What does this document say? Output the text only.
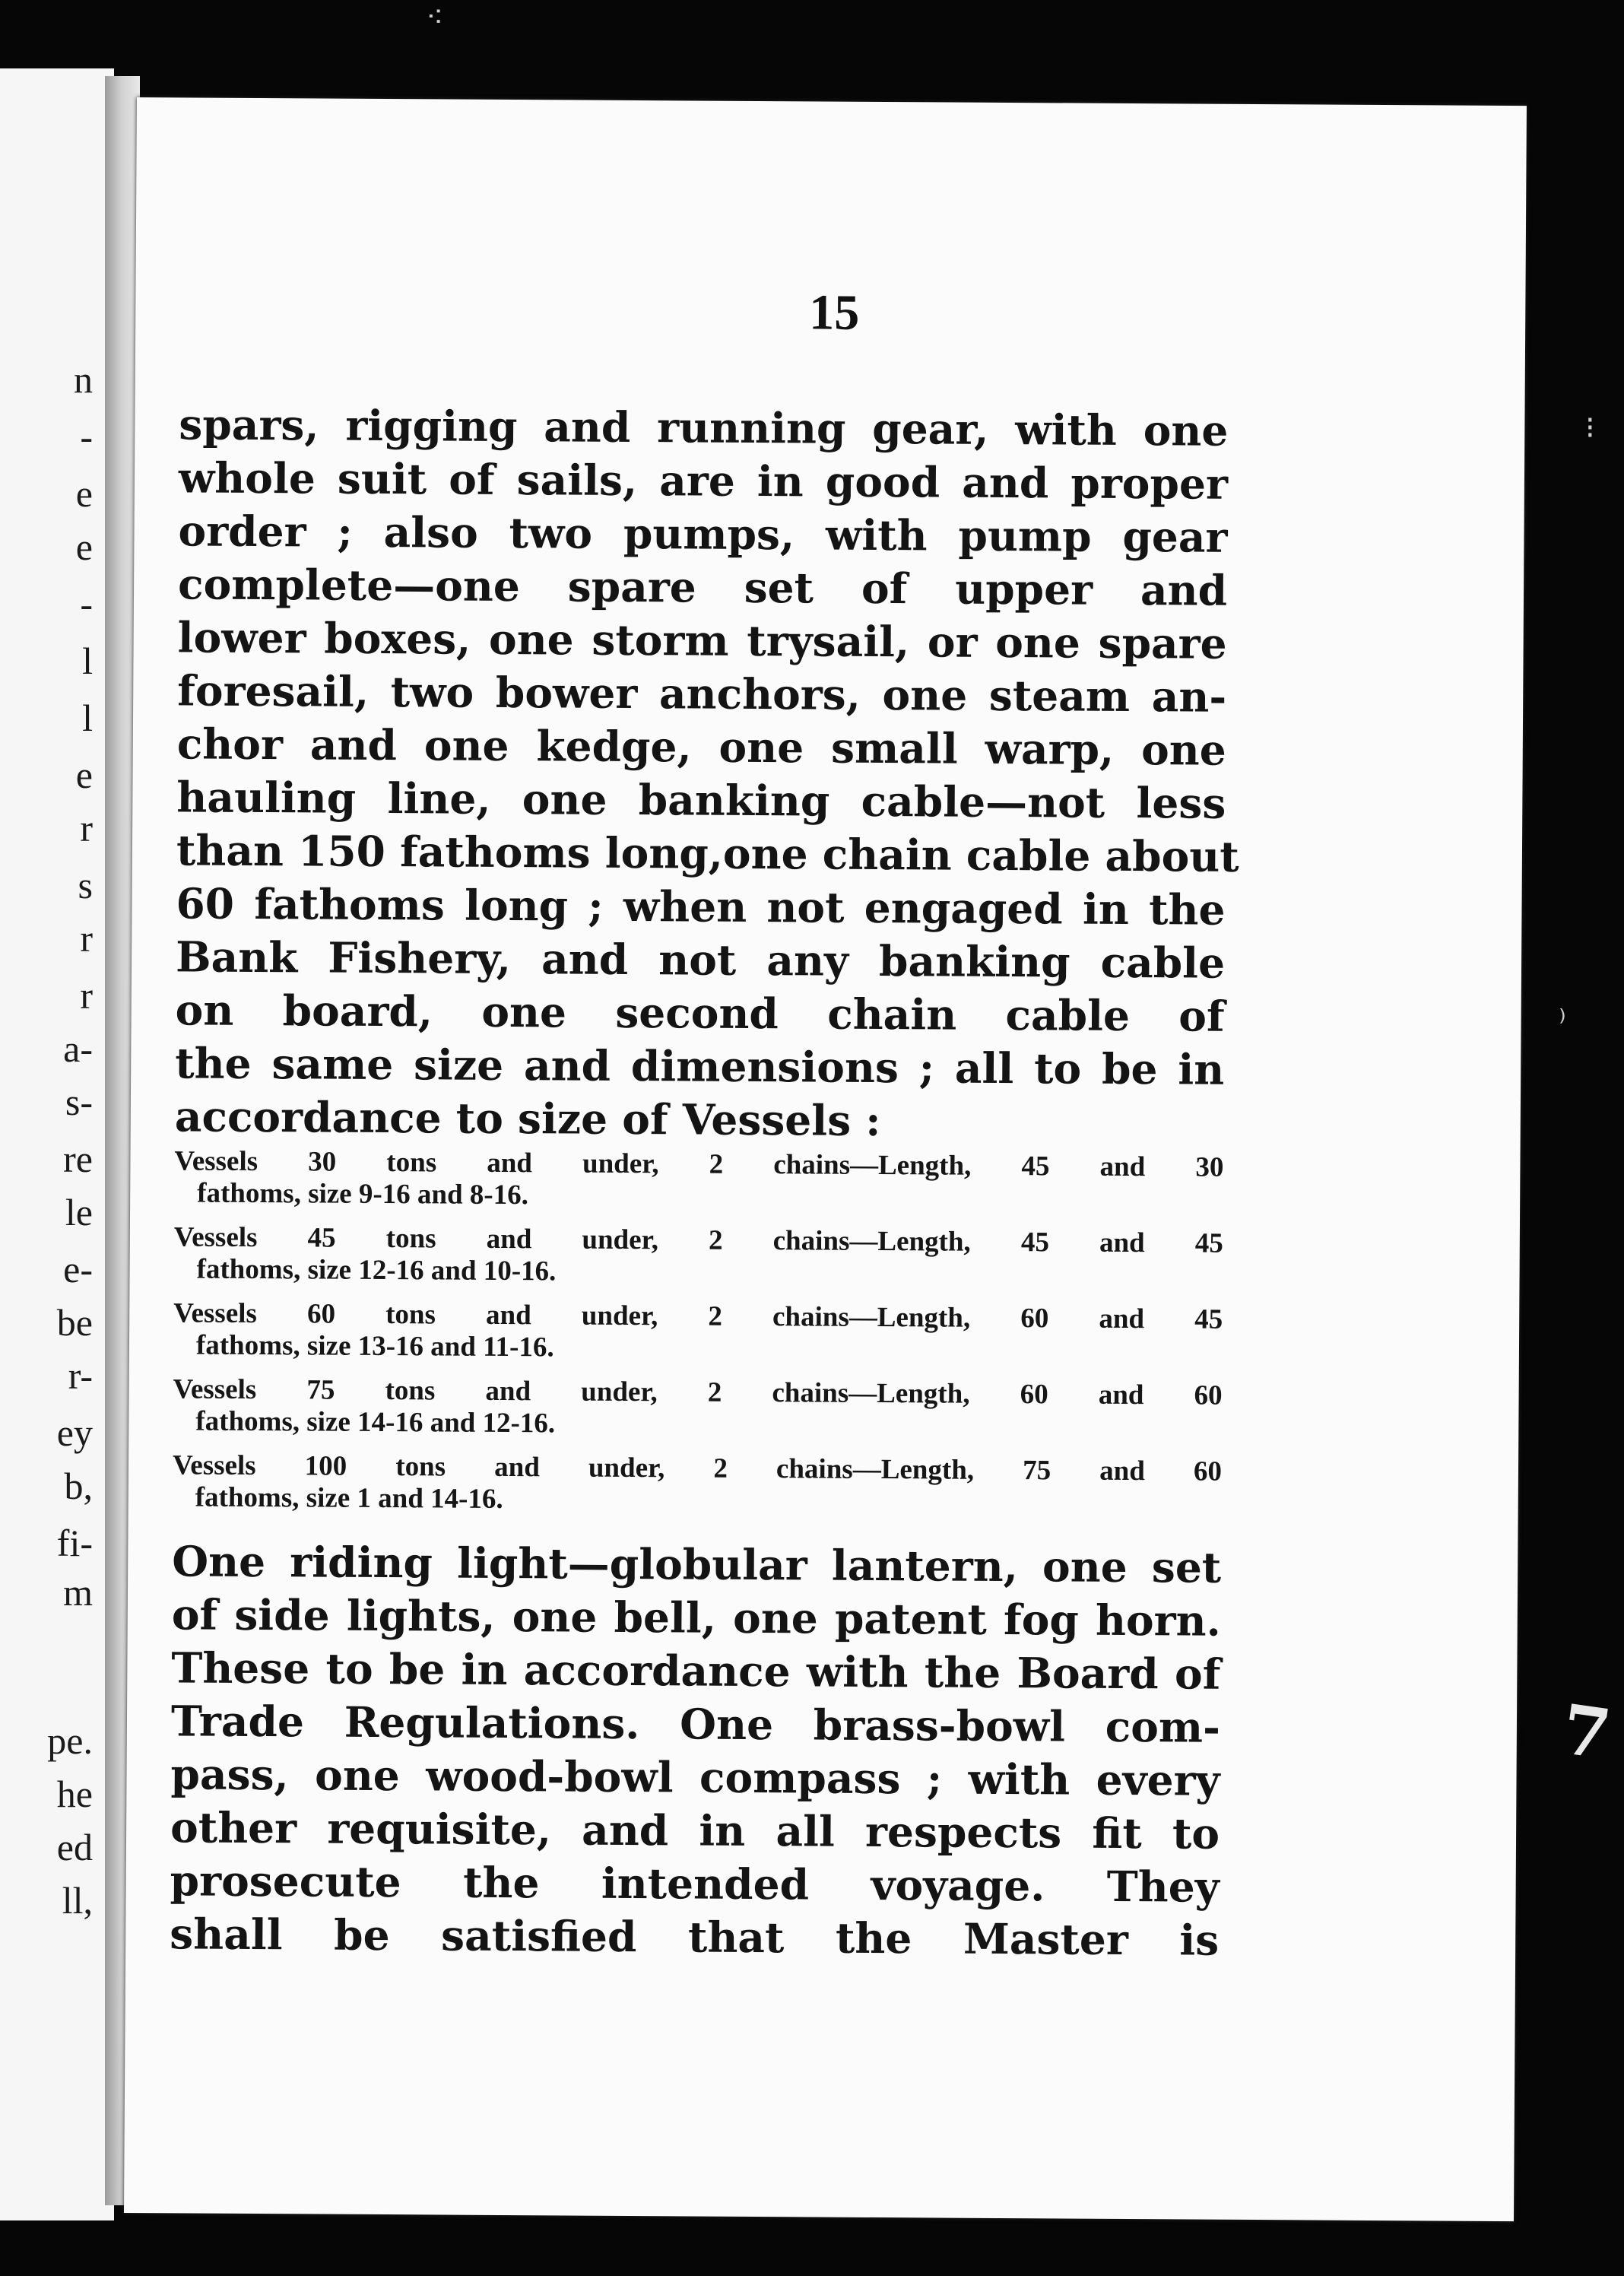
n
-
e
e
-
l
l
e
r
s
r
r
a-
s-
re
le
e-
be
r-
ey
b,
fi-
m
pe.
he
ed
ll,
15
spars, rigging and running gear, with one
whole suit of sails, are in good and proper
order ; also two pumps, with pump gear
complete—one spare set of upper and
lower boxes, one storm trysail, or one spare
foresail, two bower anchors, one steam an-
chor and one kedge, one small warp, one
hauling line, one banking cable—not less
than 150 fathoms long,one chain cable about
60 fathoms long ; when not engaged in the
Bank Fishery, and not any banking cable
on board, one second chain cable of
the same size and dimensions ; all to be in
accordance to size of Vessels :
Vessels 30 tons and under, 2 chains—Length, 45 and 30
fathoms, size 9-16 and 8-16.
Vessels 45 tons and under, 2 chains—Length, 45 and 45
fathoms, size 12-16 and 10-16.
Vessels 60 tons and under, 2 chains—Length, 60 and 45
fathoms, size 13-16 and 11-16.
Vessels 75 tons and under, 2 chains—Length, 60 and 60
fathoms, size 14-16 and 12-16.
Vessels 100 tons and under, 2 chains—Length, 75 and 60
fathoms, size 1 and 14-16.
One riding light—globular lantern, one set
of side lights, one bell, one patent fog horn.
These to be in accordance with the Board of
Trade Regulations. One brass-bowl com-
pass, one wood-bowl compass ; with every
other requisite, and in all respects fit to
prosecute the intended voyage. They
shall be satisfied that the Master is
7
⁖
⁝
⁾
